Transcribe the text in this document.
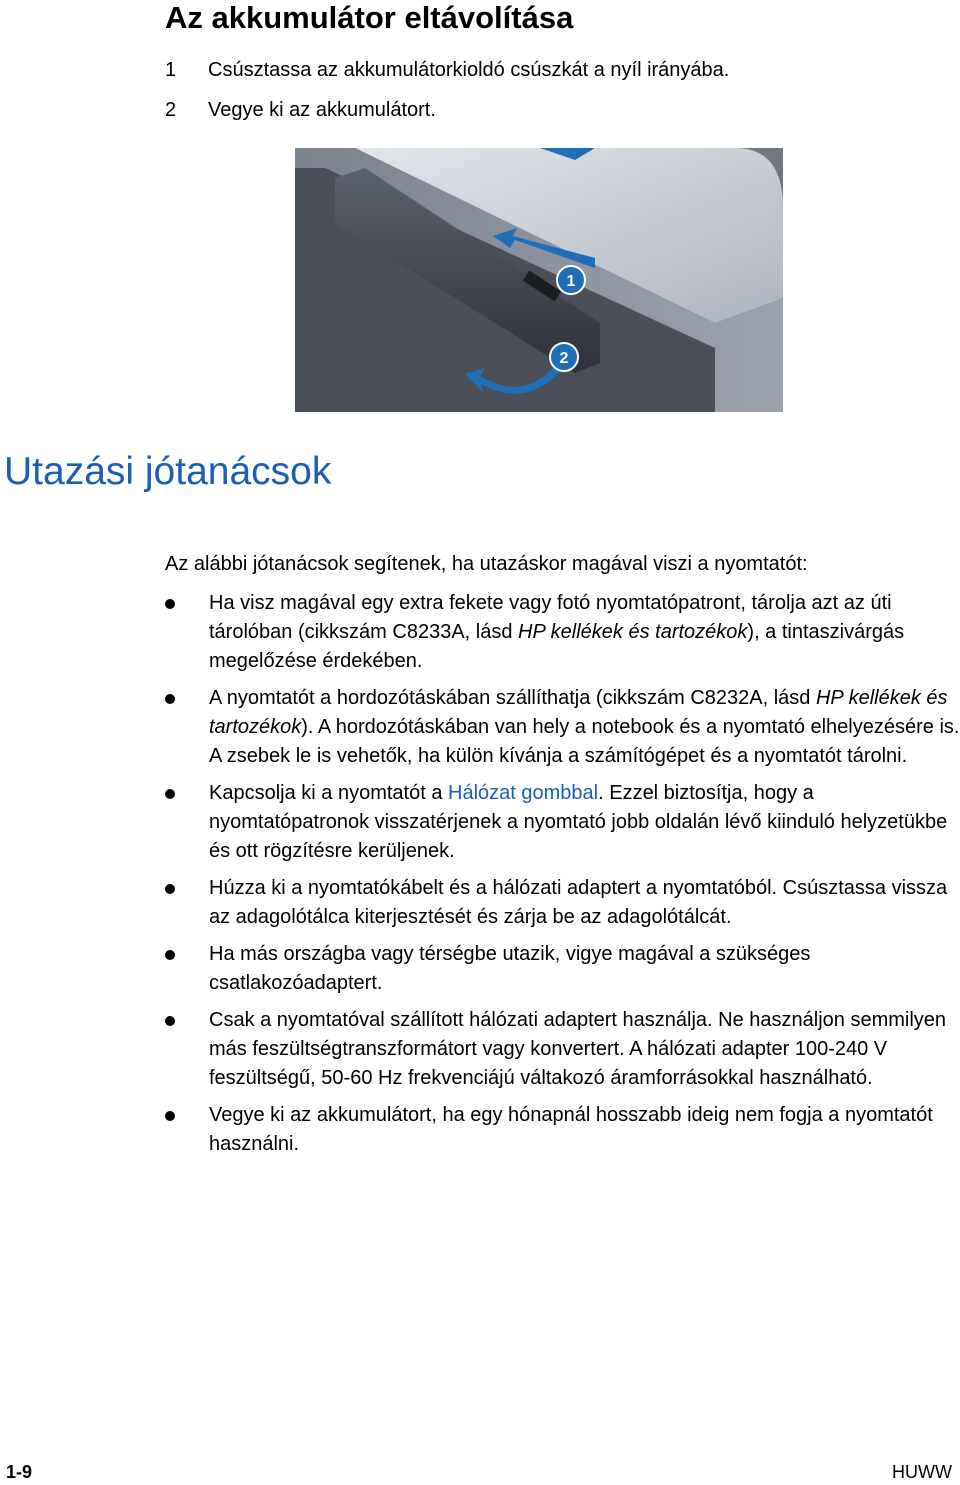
Az akkumulátor eltávolítása
1 Csúsztassa az akkumulátorkioldó csúszkát a nyíl irányába.
2 Vegye ki az akkumulátort.
1
2
Utazási jótanácsok
Az alábbi jótanácsok segítenek, ha utazáskor magával viszi a nyomtatót:
Ha visz magával egy extra fekete vagy fotó nyomtatópatront, tárolja azt az úti tárolóban (cikkszám C8233A, lásd HP kellékek és tartozékok), a tintaszivárgás megelőzése érdekében.
A nyomtatót a hordozótáskában szállíthatja (cikkszám C8232A, lásd HP kellékek és tartozékok). A hordozótáskában van hely a notebook és a nyomtató elhelyezésére is. A zsebek le is vehetők, ha külön kívánja a számítógépet és a nyomtatót tárolni.
Kapcsolja ki a nyomtatót a Hálózat gombbal. Ezzel biztosítja, hogy a nyomtatópatronok visszatérjenek a nyomtató jobb oldalán lévő kiinduló helyzetükbe és ott rögzítésre kerüljenek.
Húzza ki a nyomtatókábelt és a hálózati adaptert a nyomtatóból. Csúsztassa vissza az adagolótálca kiterjesztését és zárja be az adagolótálcát.
Ha más országba vagy térségbe utazik, vigye magával a szükséges csatlakozóadaptert.
Csak a nyomtatóval szállított hálózati adaptert használja. Ne használjon semmilyen más feszültségtranszformátort vagy konvertert. A hálózati adapter 100-240 V feszültségű, 50-60 Hz frekvenciájú váltakozó áramforrásokkal használható.
Vegye ki az akkumulátort, ha egy hónapnál hosszabb ideig nem fogja a nyomtatót használni.
1-9	HUWW
